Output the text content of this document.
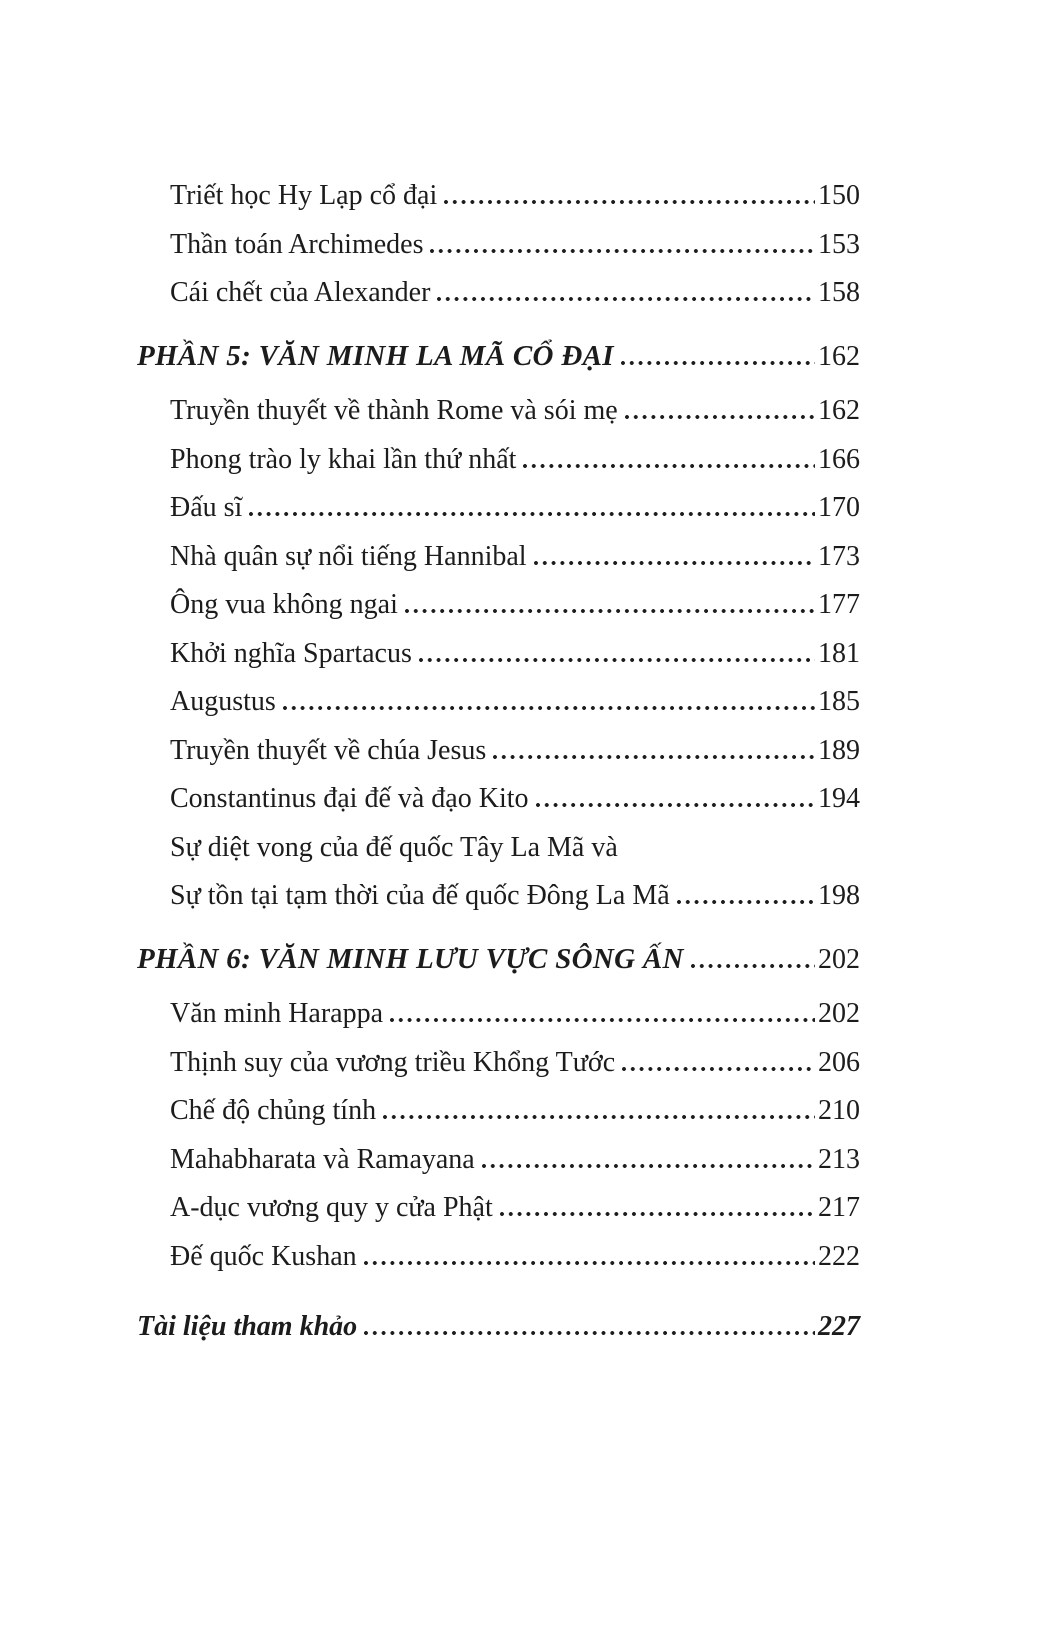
Triết học Hy Lạp cổ đại	150
Thần toán Archimedes	153
Cái chết của Alexander	158
PHẦN 5: VĂN MINH LA MÃ CỔ ĐẠI	162
Truyền thuyết về thành Rome và sói mẹ	162
Phong trào ly khai lần thứ nhất	166
Đấu sĩ	170
Nhà quân sự nổi tiếng Hannibal	173
Ông vua không ngai	177
Khởi nghĩa Spartacus	181
Augustus	185
Truyền thuyết về chúa Jesus	189
Constantinus đại đế và đạo Kito	194
Sự diệt vong của đế quốc Tây La Mã và
Sự tồn tại tạm thời của đế quốc Đông La Mã	198
PHẦN 6: VĂN MINH LƯU VỰC SÔNG ẤN	202
Văn minh Harappa	202
Thịnh suy của vương triều Khổng Tước	206
Chế độ chủng tính	210
Mahabharata và Ramayana	213
A-dục vương quy y cửa Phật	217
Đế quốc Kushan	222
Tài liệu tham khảo	227
